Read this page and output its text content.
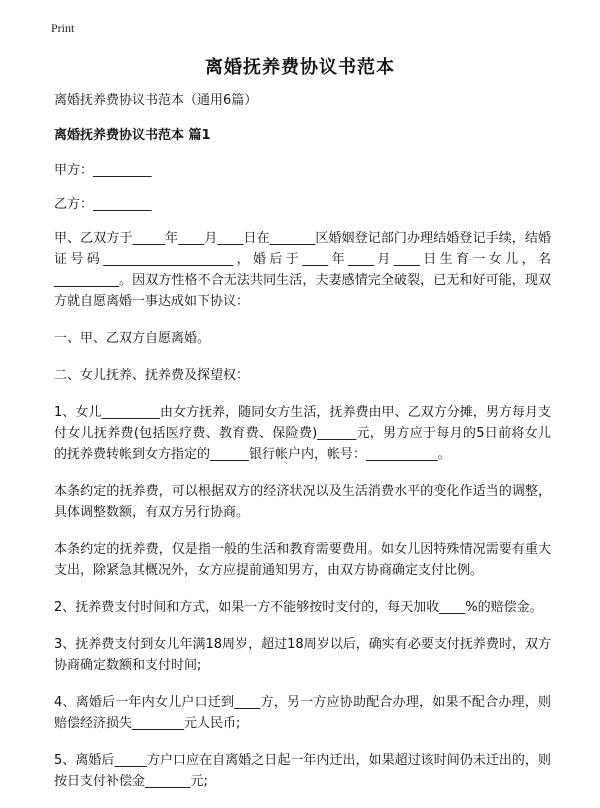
Print
离婚抚养费协议书范本

离婚抚养费协议书范本（通用6篇）

离婚抚养费协议书范本 篇1

甲方：_________

乙方：_________

甲、乙双方于_____年____月____日在_______区婚姻登记部门办理结婚登记手续，结婚证号码____________________，婚后于____年____月____日生育一女儿，名__________。因双方性格不合无法共同生活，夫妻感情完全破裂，已无和好可能，现双方就自愿离婚一事达成如下协议：

一、甲、乙双方自愿离婚。

二、女儿抚养、抚养费及探望权：

1、女儿_________由女方抚养，随同女方生活，抚养费由甲、乙双方分摊，男方每月支付女儿抚养费(包括医疗费、教育费、保险费)______元，男方应于每月的5日前将女儿的抚养费转帐到女方指定的______银行帐户内，帐号：___________。

本条约定的抚养费，可以根据双方的经济状况以及生活消费水平的变化作适当的调整，具体调整数额，有双方另行协商。

本条约定的抚养费，仅是指一般的生活和教育需要费用。如女儿因特殊情况需要有重大支出，除紧急其概况外，女方应提前通知男方，由双方协商确定支付比例。

2、抚养费支付时间和方式，如果一方不能够按时支付的，每天加收____%的赔偿金。

3、抚养费支付到女儿年满18周岁，超过18周岁以后，确实有必要支付抚养费时，双方协商确定数额和支付时间;

4、离婚后一年内女儿户口迁到____方，另一方应协助配合办理，如果不配合办理，则赔偿经济损失________元人民币;

5、离婚后_____方户口应在自离婚之日起一年内迁出，如果超过该时间仍未迁出的，则按日支付补偿金_______元;
